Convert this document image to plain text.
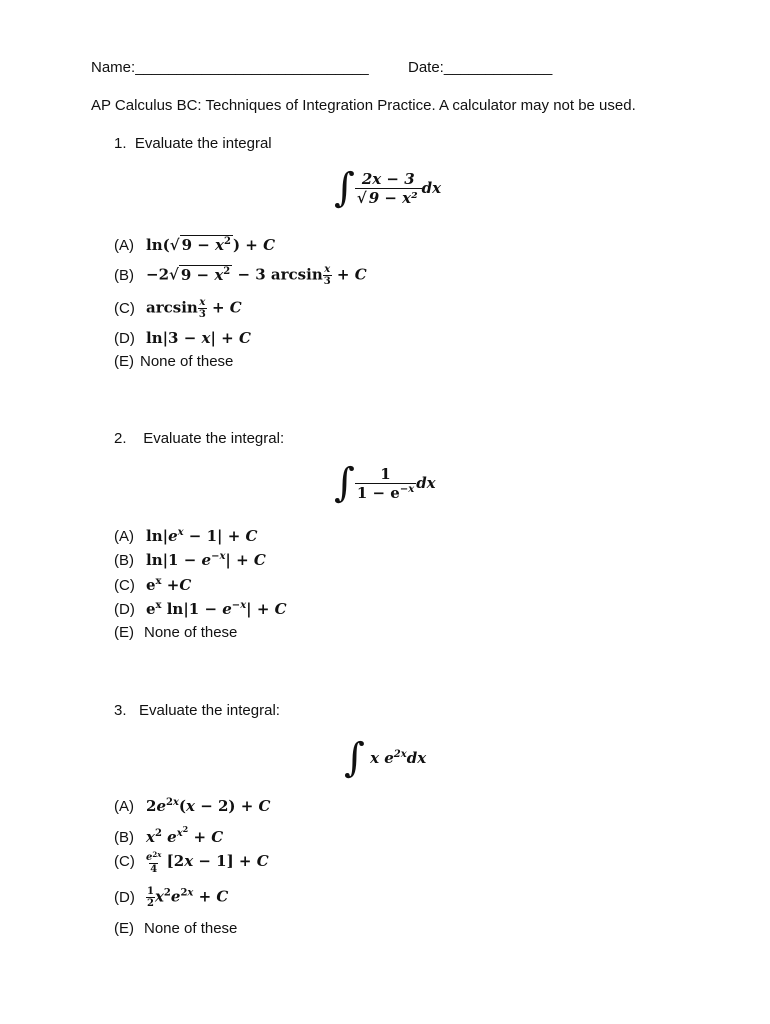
Name:____________________________	Date:_____________
AP Calculus BC: Techniques of Integration Practice. A calculator may not be used.
1. Evaluate the integral
∫ $\frac{2x - 3}{\text{√ 9 − x²}}$ dx
(A) ln(√ $9 - x^2$ ) + C
(B) −2√ $9 - x^2 - 3$ $\arcsin \frac{x}{3} + C$
(C) $\arcsin \frac{x}{3} + C$
(D) ln|3 − x| + C
(E) None of these
2. Evaluate the integral:
∫ $\frac{1}{1 - e^{-x}}$ dx
(A) $\ln|e^x - 1| + C$
(B) $\ln|1 - e^{-x}| + C$
(C) $e^x +C$
(D) $e^x$ $\ln|1 - e^{-x}| + C$
(E) None of these
3. Evaluate the integral:
∫ x $e^{2x}dx$
(A) $2e^{2x}(x - 2) + C$
(B) $x^2$ $e^{x^2} + C$
$(C) \frac{e^{2x}}{4} [2x - 1] + C$
$(D) \frac{1}{2} x^2e^{2x} + C$
(E) None of these
